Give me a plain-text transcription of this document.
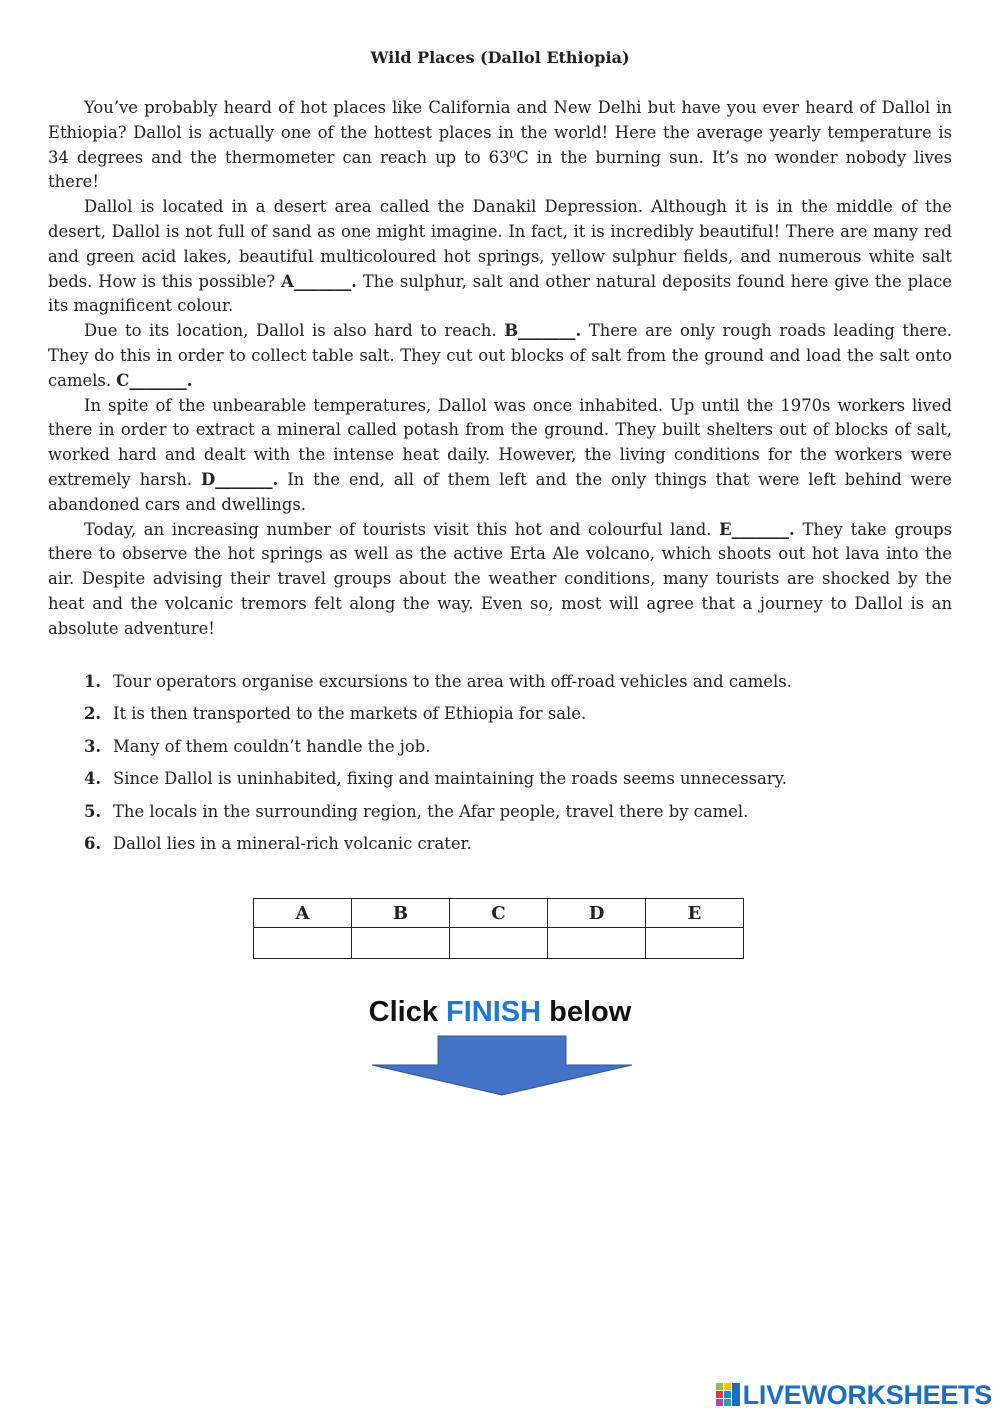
Wild Places (Dallol Ethiopia)

You’ve probably heard of hot places like California and New Delhi but have you ever heard of Dallol in Ethiopia? Dallol is actually one of the hottest places in the world! Here the average yearly temperature is 34 degrees and the thermometer can reach up to 63⁰C in the burning sun. It’s no wonder nobody lives there!

Dallol is located in a desert area called the Danakil Depression. Although it is in the middle of the desert, Dallol is not full of sand as one might imagine. In fact, it is incredibly beautiful! There are many red and green acid lakes, beautiful multicoloured hot springs, yellow sulphur fields, and numerous white salt beds. How is this possible? A_______. The sulphur, salt and other natural deposits found here give the place its magnificent colour.

Due to its location, Dallol is also hard to reach. B_______. There are only rough roads leading there. They do this in order to collect table salt. They cut out blocks of salt from the ground and load the salt onto camels. C_______.

In spite of the unbearable temperatures, Dallol was once inhabited. Up until the 1970s workers lived there in order to extract a mineral called potash from the ground. They built shelters out of blocks of salt, worked hard and dealt with the intense heat daily. However, the living conditions for the workers were extremely harsh. D_______. In the end, all of them left and the only things that were left behind were abandoned cars and dwellings.

Today, an increasing number of tourists visit this hot and colourful land. E_______. They take groups there to observe the hot springs as well as the active Erta Ale volcano, which shoots out hot lava into the air. Despite advising their travel groups about the weather conditions, many tourists are shocked by the heat and the volcanic tremors felt along the way. Even so, most will agree that a journey to Dallol is an absolute adventure!

1. Tour operators organise excursions to the area with off-road vehicles and camels.
2. It is then transported to the markets of Ethiopia for sale.
3. Many of them couldn’t handle the job.
4. Since Dallol is uninhabited, fixing and maintaining the roads seems unnecessary.
5. The locals in the surrounding region, the Afar people, travel there by camel.
6. Dallol lies in a mineral-rich volcanic crater.
A	B	C	D	E

Click FINISH below
LIVEWORKSHEETS
